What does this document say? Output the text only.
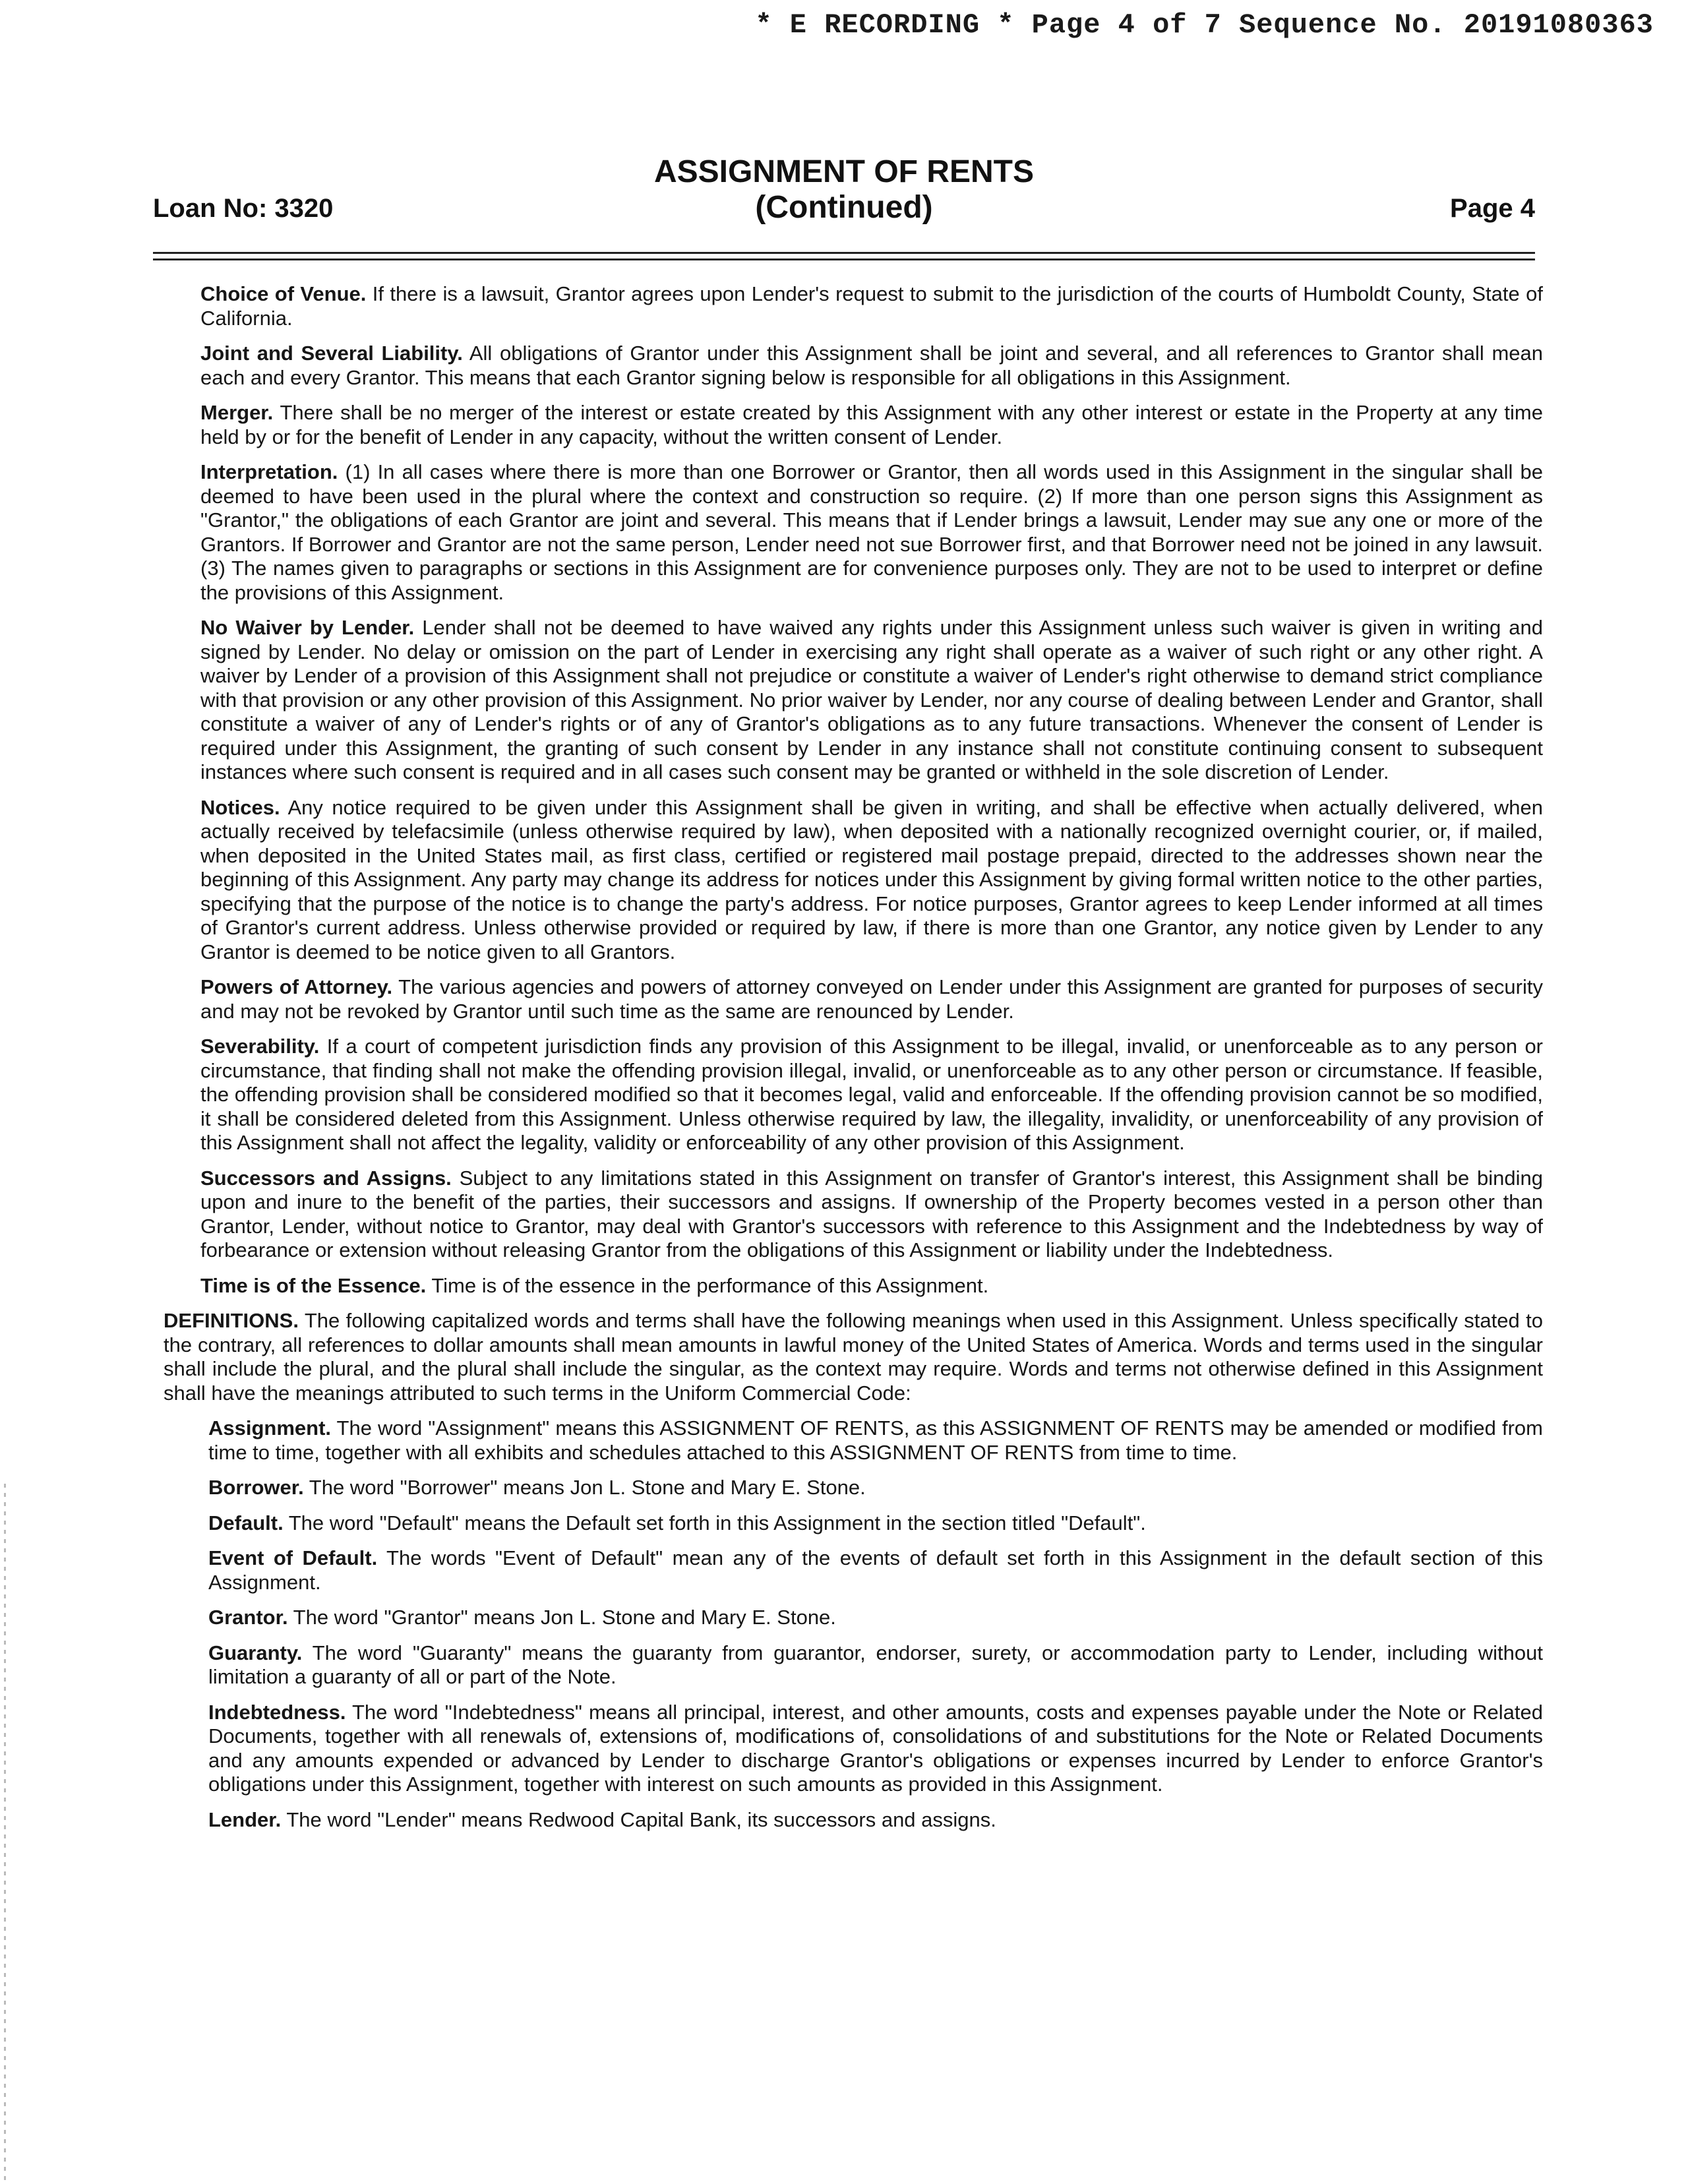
* E RECORDING * Page 4 of 7 Sequence No. 20191080363
Loan No: 3320
ASSIGNMENT OF RENTS
(Continued)	Page 4

Choice of Venue. If there is a lawsuit, Grantor agrees upon Lender's request to submit to the jurisdiction of the courts of Humboldt County, State of California.

Joint and Several Liability. All obligations of Grantor under this Assignment shall be joint and several, and all references to Grantor shall mean each and every Grantor. This means that each Grantor signing below is responsible for all obligations in this Assignment.

Merger. There shall be no merger of the interest or estate created by this Assignment with any other interest or estate in the Property at any time held by or for the benefit of Lender in any capacity, without the written consent of Lender.

Interpretation. (1) In all cases where there is more than one Borrower or Grantor, then all words used in this Assignment in the singular shall be deemed to have been used in the plural where the context and construction so require. (2) If more than one person signs this Assignment as "Grantor," the obligations of each Grantor are joint and several. This means that if Lender brings a lawsuit, Lender may sue any one or more of the Grantors. If Borrower and Grantor are not the same person, Lender need not sue Borrower first, and that Borrower need not be joined in any lawsuit. (3) The names given to paragraphs or sections in this Assignment are for convenience purposes only. They are not to be used to interpret or define the provisions of this Assignment.

No Waiver by Lender. Lender shall not be deemed to have waived any rights under this Assignment unless such waiver is given in writing and signed by Lender. No delay or omission on the part of Lender in exercising any right shall operate as a waiver of such right or any other right. A waiver by Lender of a provision of this Assignment shall not prejudice or constitute a waiver of Lender's right otherwise to demand strict compliance with that provision or any other provision of this Assignment. No prior waiver by Lender, nor any course of dealing between Lender and Grantor, shall constitute a waiver of any of Lender's rights or of any of Grantor's obligations as to any future transactions. Whenever the consent of Lender is required under this Assignment, the granting of such consent by Lender in any instance shall not constitute continuing consent to subsequent instances where such consent is required and in all cases such consent may be granted or withheld in the sole discretion of Lender.

Notices. Any notice required to be given under this Assignment shall be given in writing, and shall be effective when actually delivered, when actually received by telefacsimile (unless otherwise required by law), when deposited with a nationally recognized overnight courier, or, if mailed, when deposited in the United States mail, as first class, certified or registered mail postage prepaid, directed to the addresses shown near the beginning of this Assignment. Any party may change its address for notices under this Assignment by giving formal written notice to the other parties, specifying that the purpose of the notice is to change the party's address. For notice purposes, Grantor agrees to keep Lender informed at all times of Grantor's current address. Unless otherwise provided or required by law, if there is more than one Grantor, any notice given by Lender to any Grantor is deemed to be notice given to all Grantors.

Powers of Attorney. The various agencies and powers of attorney conveyed on Lender under this Assignment are granted for purposes of security and may not be revoked by Grantor until such time as the same are renounced by Lender.

Severability. If a court of competent jurisdiction finds any provision of this Assignment to be illegal, invalid, or unenforceable as to any person or circumstance, that finding shall not make the offending provision illegal, invalid, or unenforceable as to any other person or circumstance. If feasible, the offending provision shall be considered modified so that it becomes legal, valid and enforceable. If the offending provision cannot be so modified, it shall be considered deleted from this Assignment. Unless otherwise required by law, the illegality, invalidity, or unenforceability of any provision of this Assignment shall not affect the legality, validity or enforceability of any other provision of this Assignment.

Successors and Assigns. Subject to any limitations stated in this Assignment on transfer of Grantor's interest, this Assignment shall be binding upon and inure to the benefit of the parties, their successors and assigns. If ownership of the Property becomes vested in a person other than Grantor, Lender, without notice to Grantor, may deal with Grantor's successors with reference to this Assignment and the Indebtedness by way of forbearance or extension without releasing Grantor from the obligations of this Assignment or liability under the Indebtedness.

Time is of the Essence. Time is of the essence in the performance of this Assignment.

DEFINITIONS. The following capitalized words and terms shall have the following meanings when used in this Assignment. Unless specifically stated to the contrary, all references to dollar amounts shall mean amounts in lawful money of the United States of America. Words and terms used in the singular shall include the plural, and the plural shall include the singular, as the context may require. Words and terms not otherwise defined in this Assignment shall have the meanings attributed to such terms in the Uniform Commercial Code:

Assignment. The word "Assignment" means this ASSIGNMENT OF RENTS, as this ASSIGNMENT OF RENTS may be amended or modified from time to time, together with all exhibits and schedules attached to this ASSIGNMENT OF RENTS from time to time.

Borrower. The word "Borrower" means Jon L. Stone and Mary E. Stone.

Default. The word "Default" means the Default set forth in this Assignment in the section titled "Default".

Event of Default. The words "Event of Default" mean any of the events of default set forth in this Assignment in the default section of this Assignment.

Grantor. The word "Grantor" means Jon L. Stone and Mary E. Stone.

Guaranty. The word "Guaranty" means the guaranty from guarantor, endorser, surety, or accommodation party to Lender, including without limitation a guaranty of all or part of the Note.

Indebtedness. The word "Indebtedness" means all principal, interest, and other amounts, costs and expenses payable under the Note or Related Documents, together with all renewals of, extensions of, modifications of, consolidations of and substitutions for the Note or Related Documents and any amounts expended or advanced by Lender to discharge Grantor's obligations or expenses incurred by Lender to enforce Grantor's obligations under this Assignment, together with interest on such amounts as provided in this Assignment.

Lender. The word "Lender" means Redwood Capital Bank, its successors and assigns.
